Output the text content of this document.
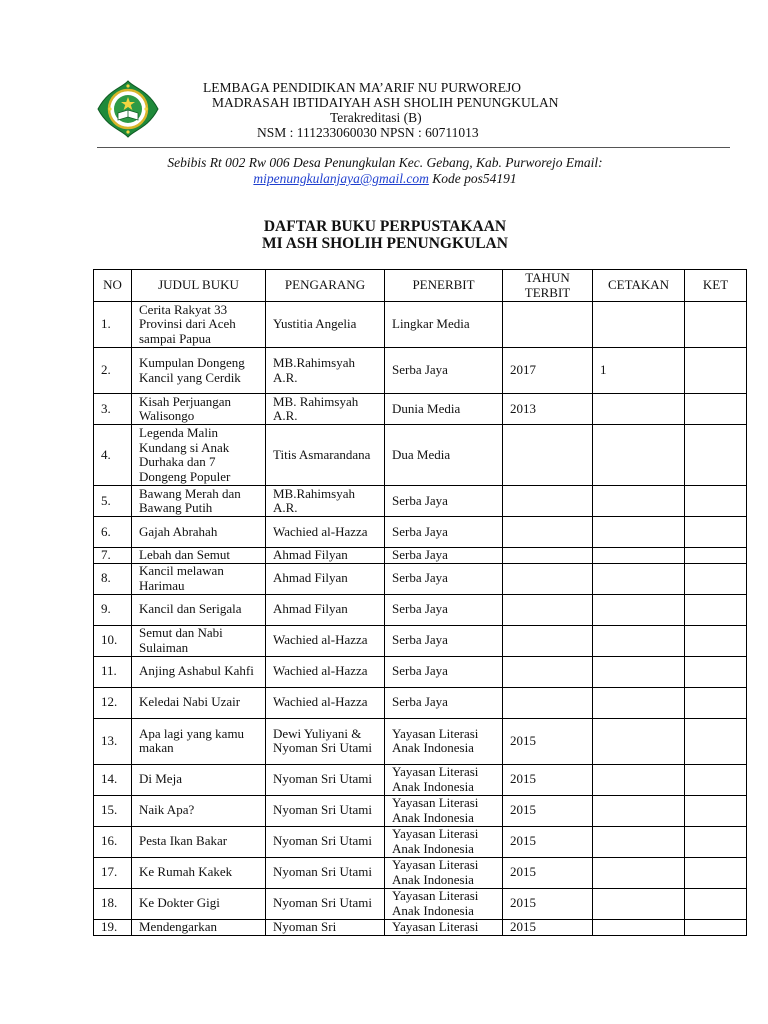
LEMBAGA PENDIDIKAN MA’ARIF NU PURWOREJO
MADRASAH IBTIDAIYAH ASH SHOLIH PENUNGKULAN
Terakreditasi (B)
NSM : 111233060030 NPSN : 60711013
Sebibis Rt 002 Rw 006 Desa Penungkulan Kec. Gebang, Kab. Purworejo Email:
mipenungkulanjaya@gmail.com Kode pos54191
DAFTAR BUKU PERPUSTAKAAN
MI ASH SHOLIH PENUNGKULAN
NO	JUDUL BUKU	PENGARANG	PENERBIT	TAHUN TERBIT	CETAKAN	KET
1.	Cerita Rakyat 33 Provinsi dari Aceh sampai Papua	Yustitia Angelia	Lingkar Media			
2.	Kumpulan Dongeng Kancil yang Cerdik	MB.Rahimsyah A.R.	Serba Jaya	2017	1	
3.	Kisah Perjuangan Walisongo	MB. Rahimsyah A.R.	Dunia Media	2013		
4.	Legenda Malin Kundang si Anak Durhaka dan 7 Dongeng Populer	Titis Asmarandana	Dua Media			
5.	Bawang Merah dan Bawang Putih	MB.Rahimsyah A.R.	Serba Jaya			
6.	Gajah Abrahah	Wachied al-Hazza	Serba Jaya			
7.	Lebah dan Semut	Ahmad Filyan	Serba Jaya			
8.	Kancil melawan Harimau	Ahmad Filyan	Serba Jaya			
9.	Kancil dan Serigala	Ahmad Filyan	Serba Jaya			
10.	Semut dan Nabi Sulaiman	Wachied al-Hazza	Serba Jaya			
11.	Anjing Ashabul Kahfi	Wachied al-Hazza	Serba Jaya			
12.	Keledai Nabi Uzair	Wachied al-Hazza	Serba Jaya			
13.	Apa lagi yang kamu makan	Dewi Yuliyani & Nyoman Sri Utami	Yayasan Literasi Anak Indonesia	2015		
14.	Di Meja	Nyoman Sri Utami	Yayasan Literasi Anak Indonesia	2015		
15.	Naik Apa?	Nyoman Sri Utami	Yayasan Literasi Anak Indonesia	2015		
16.	Pesta Ikan Bakar	Nyoman Sri Utami	Yayasan Literasi Anak Indonesia	2015		
17.	Ke Rumah Kakek	Nyoman Sri Utami	Yayasan Literasi Anak Indonesia	2015		
18.	Ke Dokter Gigi	Nyoman Sri Utami	Yayasan Literasi Anak Indonesia	2015		
19.	Mendengarkan	Nyoman Sri	Yayasan Literasi	2015		
